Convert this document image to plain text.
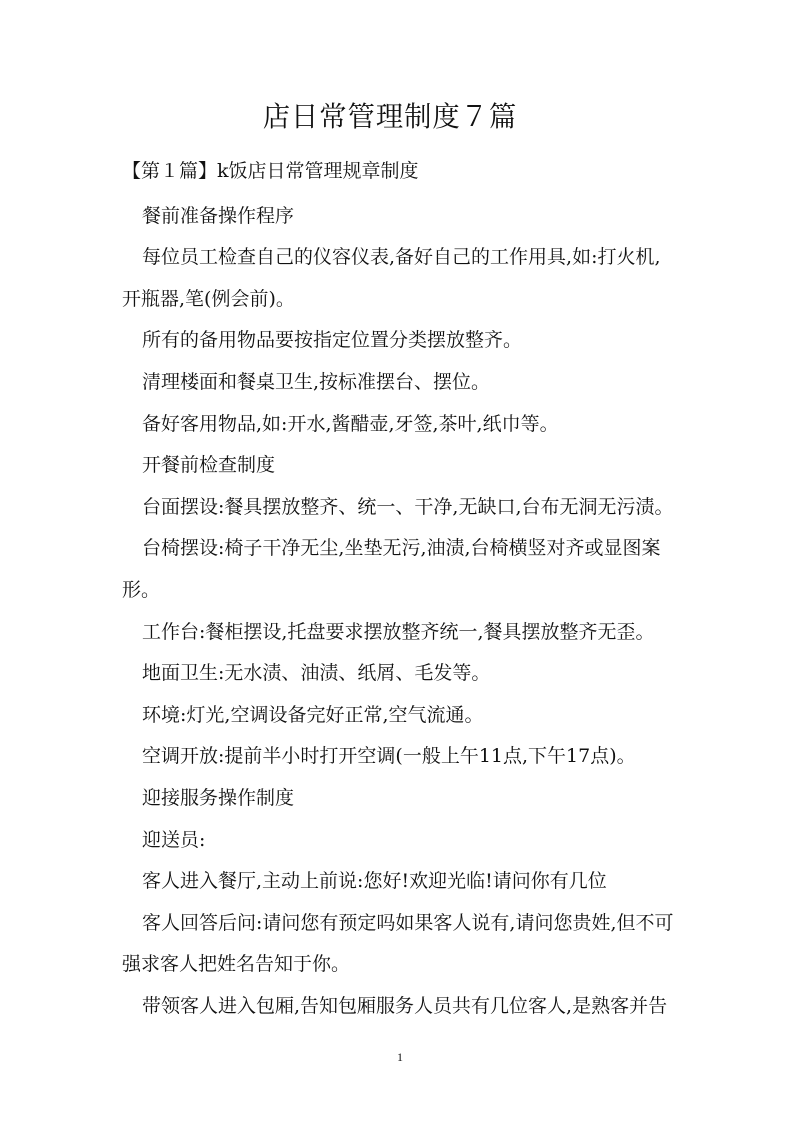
店日常管理制度７篇
【第１篇】k饭店日常管理规章制度
餐前准备操作程序
每位员工检查自己的仪容仪表,备好自己的工作用具,如:打火机,
开瓶器,笔(例会前)。
所有的备用物品要按指定位置分类摆放整齐。
清理楼面和餐桌卫生,按标准摆台、摆位。
备好客用物品,如:开水,酱醋壶,牙签,茶叶,纸巾等。
开餐前检查制度
台面摆设:餐具摆放整齐、统一、干净,无缺口,台布无洞无污渍。
台椅摆设:椅子干净无尘,坐垫无污,油渍,台椅横竖对齐或显图案
形。
工作台:餐柜摆设,托盘要求摆放整齐统一,餐具摆放整齐无歪。
地面卫生:无水渍、油渍、纸屑、毛发等。
环境:灯光,空调设备完好正常,空气流通。
空调开放:提前半小时打开空调(一般上午11点,下午17点)。
迎接服务操作制度
迎送员:
客人进入餐厅,主动上前说:您好!欢迎光临!请问你有几位
客人回答后问:请问您有预定吗如果客人说有,请问您贵姓,但不可
强求客人把姓名告知于你。
带领客人进入包厢,告知包厢服务人员共有几位客人,是熟客并告
1
